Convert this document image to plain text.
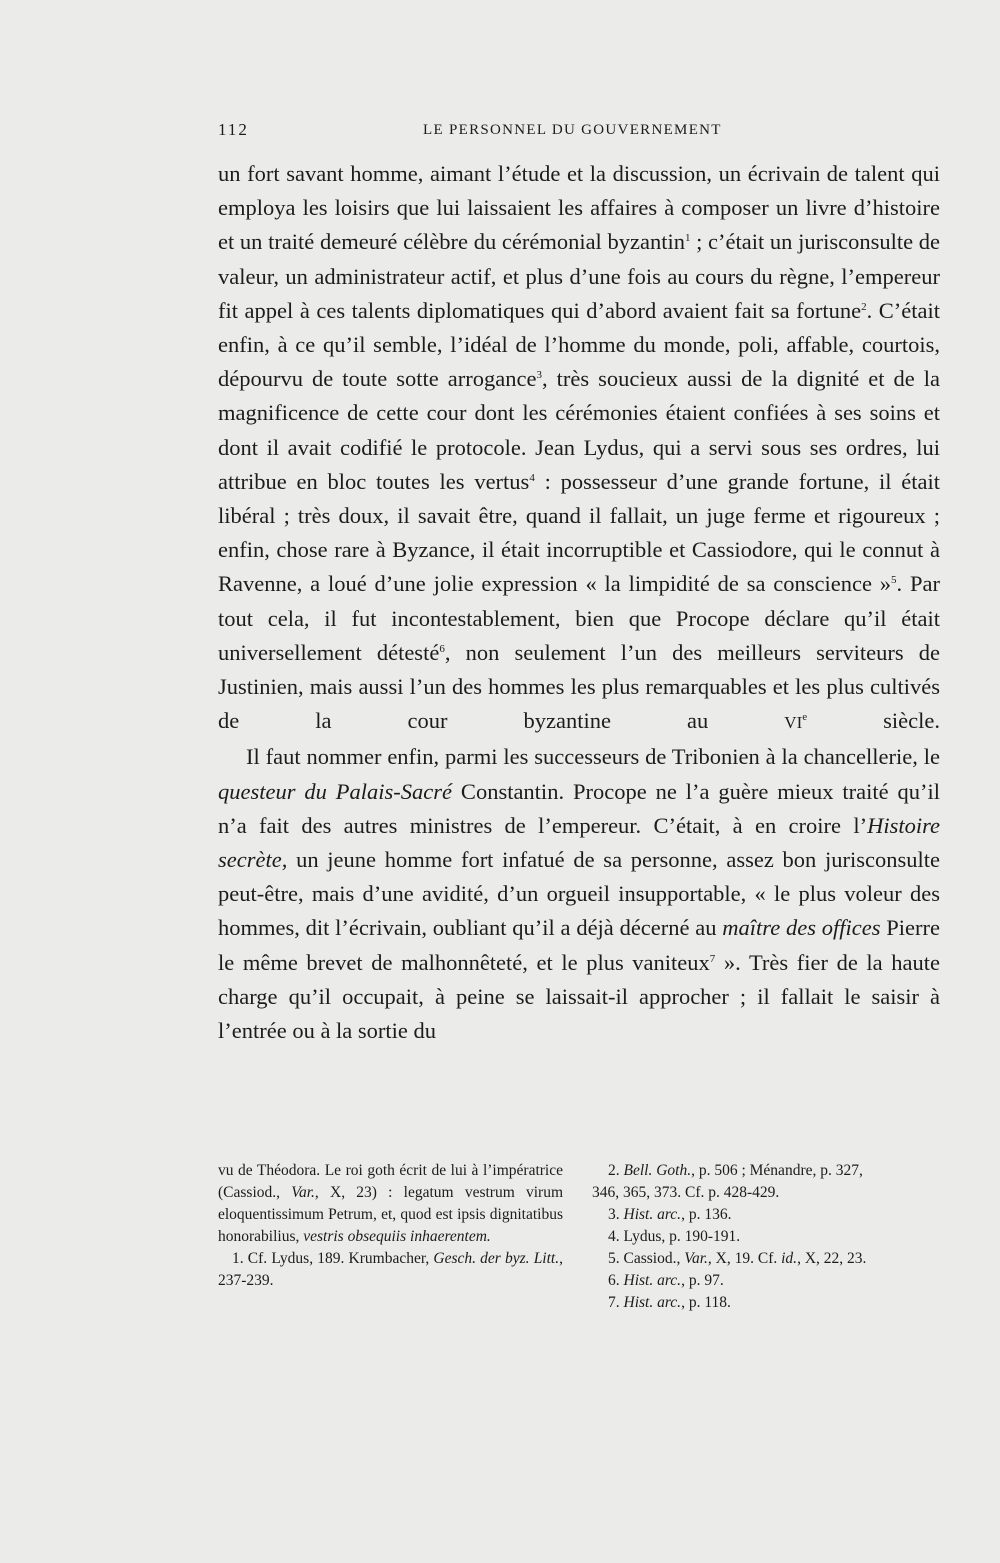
112	LE PERSONNEL DU GOUVERNEMENT

un fort savant homme, aimant l’étude et la discussion, un écrivain de talent qui employa les loisirs que lui laissaient les affaires à composer un livre d’histoire et un traité demeuré célèbre du cérémonial byzantin$^1$ ; c’était un jurisconsulte de valeur, un administrateur actif, et plus d’une fois au cours du règne, l’empereur fit appel à ces talents diplomatiques qui d’abord avaient fait sa fortune$^2$. C’était enfin, à ce qu’il semble, l’idéal de l’homme du monde, poli, affable, courtois, dépourvu de toute sotte arrogance$^3$, très soucieux aussi de la dignité et de la magnificence de cette cour dont les cérémonies étaient confiées à ses soins et dont il avait codifié le protocole. Jean Lydus, qui a servi sous ses ordres, lui attribue en bloc toutes les vertus$^4$ : possesseur d’une grande fortune, il était libéral ; très doux, il savait être, quand il fallait, un juge ferme et rigoureux ; enfin, chose rare à Byzance, il était incorruptible et Cassiodore, qui le connut à Ravenne, a loué d’une jolie expression « la limpidité de sa conscience »$^5$. Par tout cela, il fut incontestablement, bien que Procope déclare qu’il était universellement détesté$^6$, non seulement l’un des meilleurs serviteurs de Justinien, mais aussi l’un des hommes les plus remarquables et les plus cultivés de la cour byzantine au VIe siècle.

Il faut nommer enfin, parmi les successeurs de Tribonien à la chancellerie, le questeur du Palais-Sacré Constantin. Procope ne l’a guère mieux traité qu’il n’a fait des autres ministres de l’empereur. C’était, à en croire l’Histoire secrète, un jeune homme fort infatué de sa personne, assez bon jurisconsulte peut-être, mais d’une avidité, d’un orgueil insupportable, « le plus voleur des hommes, dit l’écrivain, oubliant qu’il a déjà décerné au maître des offices Pierre le même brevet de malhonnêteté, et le plus vaniteux$^7$ ». Très fier de la haute charge qu’il occupait, à peine se laissait-il approcher ; il fallait le saisir à l’entrée ou à la sortie du

vu de Théodora. Le roi goth écrit de lui à l’impératrice (Cassiod., Var., X, 23) : legatum vestrum virum eloquentissimum Petrum, et, quod est ipsis dignitatibus honorabilius, vestris obsequiis inhaerentem.

1. Cf. Lydus, 189. Krumbacher, Gesch. der byz. Litt., 237-239.

2. Bell. Goth., p. 506 ; Ménandre, p. 327,

346, 365, 373. Cf. p. 428-429.

3. Hist. arc., p. 136.

4. Lydus, p. 190-191.

5. Cassiod., Var., X, 19. Cf. id., X, 22, 23.

6. Hist. arc., p. 97.

7. Hist. arc., p. 118.
